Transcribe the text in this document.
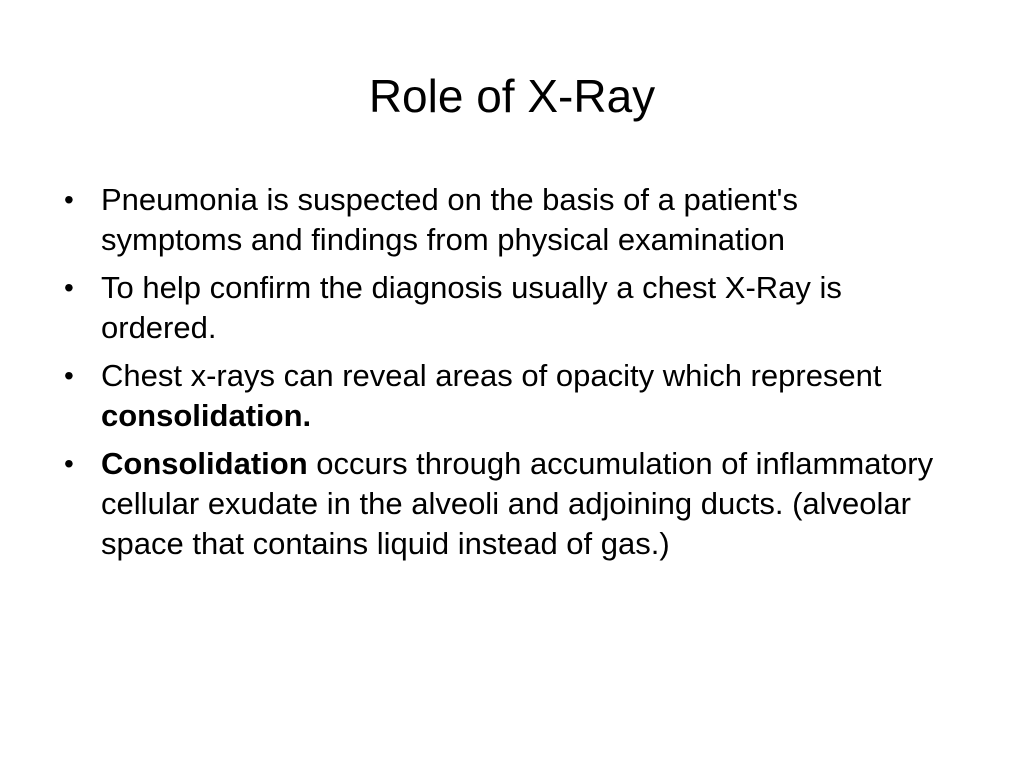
Role of X-Ray
• Pneumonia is suspected on the basis of a patient's symptoms and findings from physical examination
• To help confirm the diagnosis usually a chest X-Ray is ordered.
• Chest x-rays can reveal areas of opacity which represent consolidation.
• Consolidation occurs through accumulation of inflammatory cellular exudate in the alveoli and adjoining ducts. (alveolar space that contains liquid instead of gas.)
